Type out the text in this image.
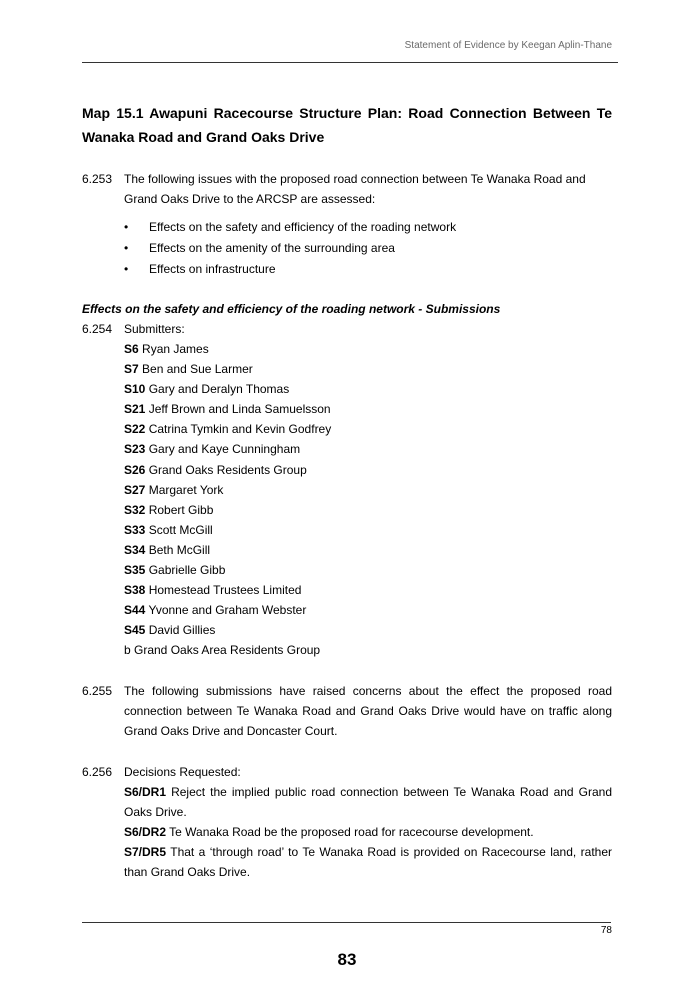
Statement of Evidence by Keegan Aplin-Thane
Map 15.1 Awapuni Racecourse Structure Plan: Road Connection Between Te Wanaka Road and Grand Oaks Drive
6.253 The following issues with the proposed road connection between Te Wanaka Road and Grand Oaks Drive to the ARCSP are assessed:
• Effects on the safety and efficiency of the roading network
• Effects on the amenity of the surrounding area
• Effects on infrastructure
Effects on the safety and efficiency of the roading network - Submissions
6.254 Submitters:
S6 Ryan James
S7 Ben and Sue Larmer
S10 Gary and Deralyn Thomas
S21 Jeff Brown and Linda Samuelsson
S22 Catrina Tymkin and Kevin Godfrey
S23 Gary and Kaye Cunningham
S26 Grand Oaks Residents Group
S27 Margaret York
S32 Robert Gibb
S33 Scott McGill
S34 Beth McGill
S35 Gabrielle Gibb
S38 Homestead Trustees Limited
S44 Yvonne and Graham Webster
S45 David Gillies
b Grand Oaks Area Residents Group
6.255 The following submissions have raised concerns about the effect the proposed road connection between Te Wanaka Road and Grand Oaks Drive would have on traffic along Grand Oaks Drive and Doncaster Court.
6.256 Decisions Requested:

S6/DR1 Reject the implied public road connection between Te Wanaka Road and Grand Oaks Drive.

S6/DR2 Te Wanaka Road be the proposed road for racecourse development.

S7/DR5 That a ‘through road’ to Te Wanaka Road is provided on Racecourse land, rather than Grand Oaks Drive.

78
83
